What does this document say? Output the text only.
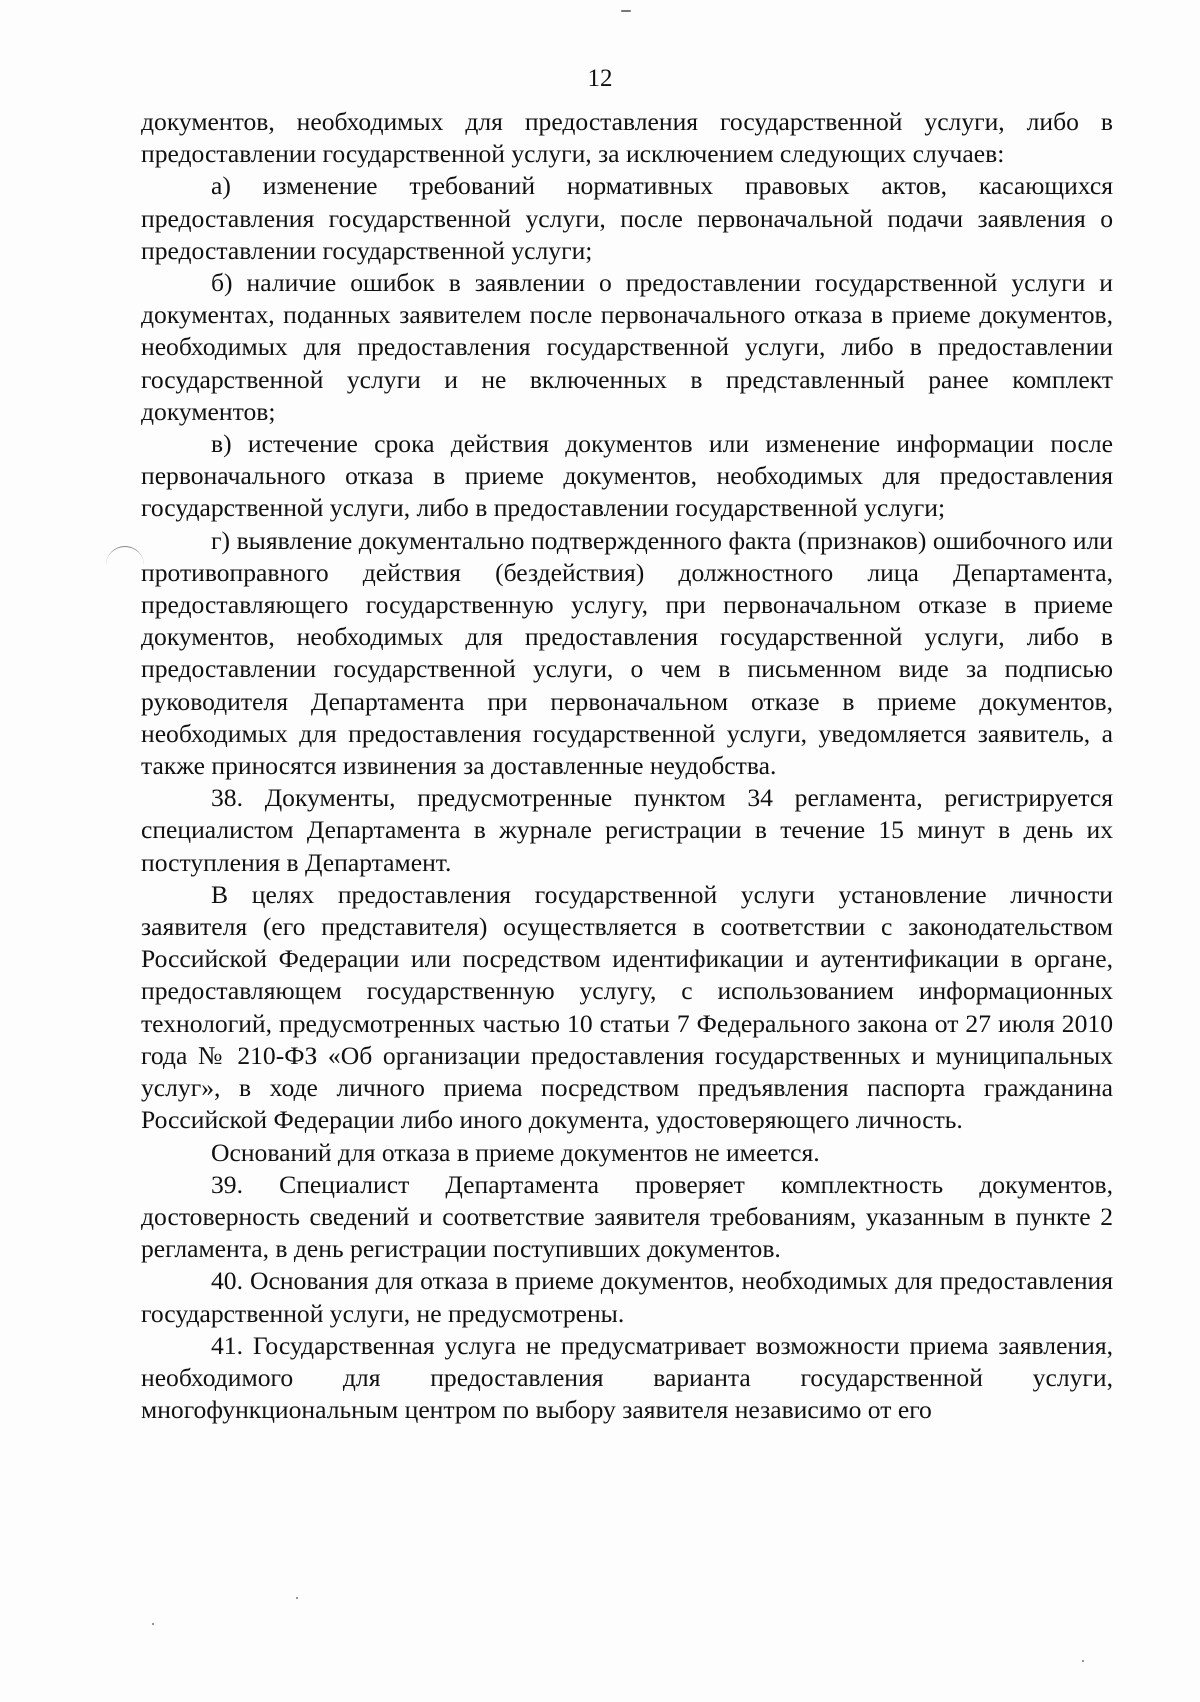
12

документов, необходимых для предоставления государственной услуги, либо в предоставлении государственной услуги, за исключением следующих случаев:

а) изменение требований нормативных правовых актов, касающихся предоставления государственной услуги, после первоначальной подачи заявления о предоставлении государственной услуги;

б) наличие ошибок в заявлении о предоставлении государственной услуги и документах, поданных заявителем после первоначального отказа в приеме документов, необходимых для предоставления государственной услуги, либо в предоставлении государственной услуги и не включенных в представленный ранее комплект документов;

в) истечение срока действия документов или изменение информации после первоначального отказа в приеме документов, необходимых для предоставления государственной услуги, либо в предоставлении государственной услуги;

г) выявление документально подтвержденного факта (признаков) ошибочного или противоправного действия (бездействия) должностного лица Департамента, предоставляющего государственную услугу, при первоначальном отказе в приеме документов, необходимых для предоставления государственной услуги, либо в предоставлении государственной услуги, о чем в письменном виде за подписью руководителя Департамента при первоначальном отказе в приеме документов, необходимых для предоставления государственной услуги, уведомляется заявитель, а также приносятся извинения за доставленные неудобства.

38. Документы, предусмотренные пунктом 34 регламента, регистрируется специалистом Департамента в журнале регистрации в течение 15 минут в день их поступления в Департамент.

В целях предоставления государственной услуги установление личности заявителя (его представителя) осуществляется в соответствии с законодательством Российской Федерации или посредством идентификации и аутентификации в органе, предоставляющем государственную услугу, с использованием информационных технологий, предусмотренных частью 10 статьи 7 Федерального закона от 27 июля 2010 года № 210-ФЗ «Об организации предоставления государственных и муниципальных услуг», в ходе личного приема посредством предъявления паспорта гражданина Российской Федерации либо иного документа, удостоверяющего личность.

Оснований для отказа в приеме документов не имеется.

39. Специалист Департамента проверяет комплектность документов, достоверность сведений и соответствие заявителя требованиям, указанным в пункте 2 регламента, в день регистрации поступивших документов.

40. Основания для отказа в приеме документов, необходимых для предоставления государственной услуги, не предусмотрены.

41. Государственная услуга не предусматривает возможности приема заявления, необходимого для предоставления варианта государственной услуги, многофункциональным центром по выбору заявителя независимо от его
